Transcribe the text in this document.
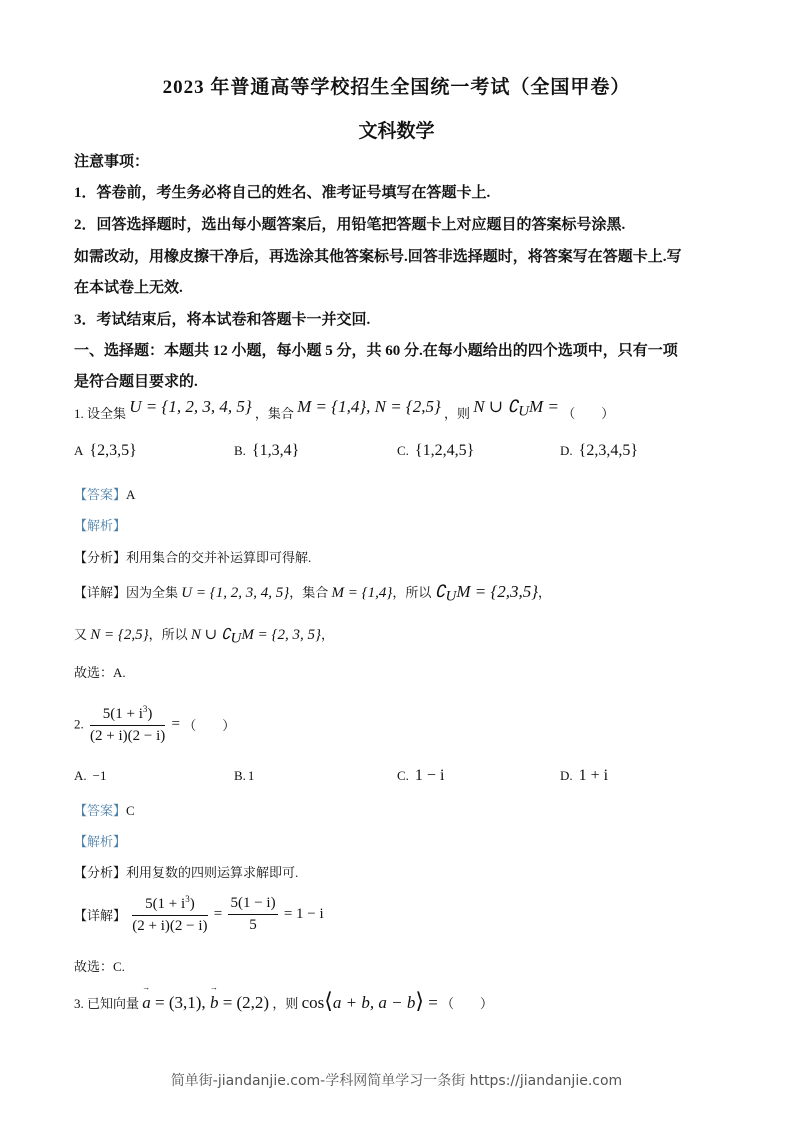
2023 年普通高等学校招生全国统一考试（全国甲卷）
文科数学
注意事项：
1．答卷前，考生务必将自己的姓名、准考证号填写在答题卡上.
2．回答选择题时，选出每小题答案后，用铅笔把答题卡上对应题目的答案标号涂黑.
如需改动，用橡皮擦干净后，再选涂其他答案标号.回答非选择题时，将答案写在答题卡上.写
在本试卷上无效.
3．考试结束后，将本试卷和答题卡一并交回.
一、选择题：本题共 12 小题，每小题 5 分，共 60 分.在每小题给出的四个选项中，只有一项
是符合题目要求的.
1. 设全集 U = {1, 2, 3, 4, 5} ，集合 M = {1,4}, N = {2,5} ，则 N ∪ $∁_UM$ = （　　）
A {2,3,5}	B. {1,3,4}	C. {1,2,4,5}	D. {2,3,4,5}
【答案】A
【解析】
【分析】利用集合的交并补运算即可得解.
【详解】因为全集 U = {1, 2, 3, 4, 5}，集合 M = {1,4}，所以 $∁_UM = \{2,3,5\}$，
又 N = {2,5}，所以 N ∪ $∁_UM = \{2$, 3, 5}，
故选：A.
2. $\frac{5(1 + i^3)}{(2 + i)(2 - i)}$ = （　　）
A. −1	B. 1	C. 1 − i	D. 1 + i
【答案】C
【解析】
【分析】利用复数的四则运算求解即可.
【详解】 $\frac{5(1 + i^3)}{(2 + i)(2 - i)} = \frac{5(1 - i)}{5} = 1 - i$
故选：C.
3. 已知向量 → a = (3,1), → b = (2,2) ，则 cos⟨a + b, a − b⟩ = （　　）
简单街-jiandanjie.com-学科网简单学习一条街 https://jiandanjie.com
